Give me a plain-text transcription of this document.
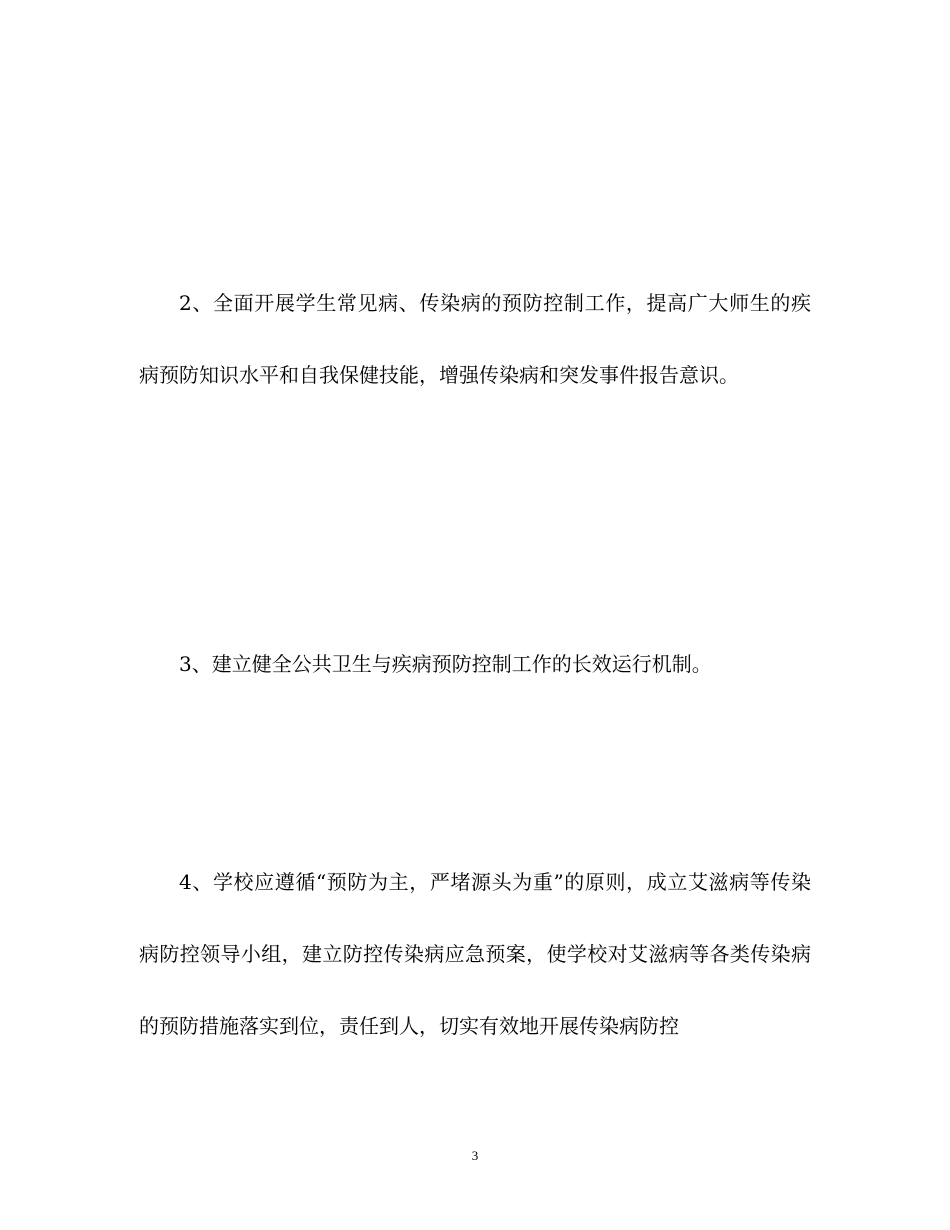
2、全面开展学生常见病、传染病的预防控制工作，提高广大师生的疾病预防知识水平和自我保健技能，增强传染病和突发事件报告意识。

3、建立健全公共卫生与疾病预防控制工作的长效运行机制。

4、学校应遵循“预防为主，严堵源头为重”的原则，成立艾滋病等传染病防控领导小组，建立防控传染病应急预案，使学校对艾滋病等各类传染病的预防措施落实到位，责任到人，切实有效地开展传染病防控

3
